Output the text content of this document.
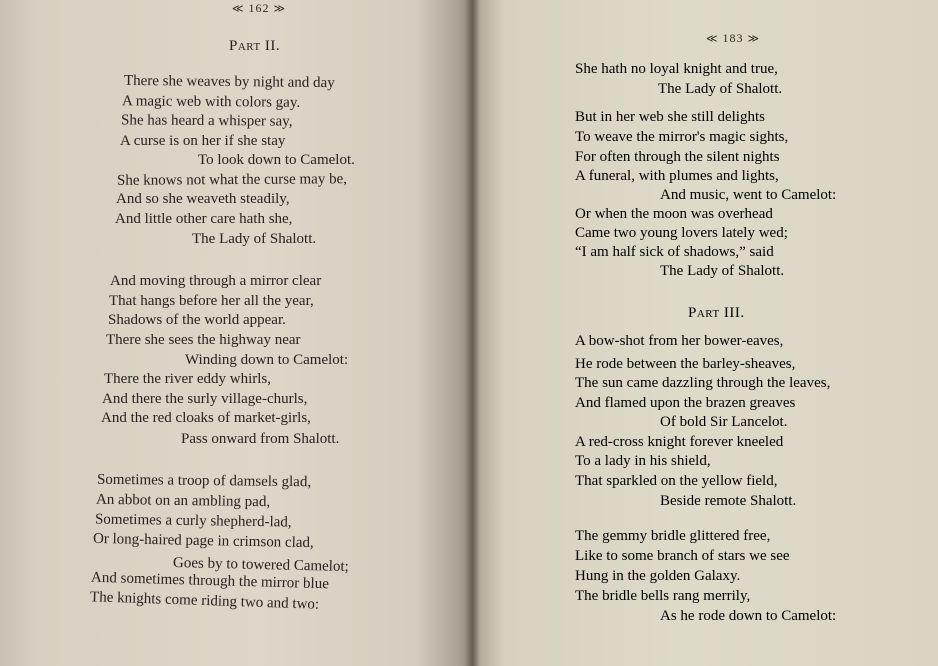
≪ 162 ≫
Part II.
There she weaves by night and day
A magic web with colors gay.
She has heard a whisper say,
A curse is on her if she stay
To look down to Camelot.
She knows not what the curse may be,
And so she weaveth steadily,
And little other care hath she,
The Lady of Shalott.
And moving through a mirror clear
That hangs before her all the year,
Shadows of the world appear.
There she sees the highway near
Winding down to Camelot:
There the river eddy whirls,
And there the surly village-churls,
And the red cloaks of market-girls,
Pass onward from Shalott.
Sometimes a troop of damsels glad,
An abbot on an ambling pad,
Sometimes a curly shepherd-lad,
Or long-haired page in crimson clad,
Goes by to towered Camelot;
And sometimes through the mirror blue
The knights come riding two and two:
≪ 183 ≫
She hath no loyal knight and true,
The Lady of Shalott.
But in her web she still delights
To weave the mirror's magic sights,
For often through the silent nights
A funeral, with plumes and lights,
And music, went to Camelot:
Or when the moon was overhead
Came two young lovers lately wed;
“I am half sick of shadows,” said
The Lady of Shalott.
Part III.
A bow-shot from her bower-eaves,
He rode between the barley-sheaves,
The sun came dazzling through the leaves,
And flamed upon the brazen greaves
Of bold Sir Lancelot.
A red-cross knight forever kneeled
To a lady in his shield,
That sparkled on the yellow field,
Beside remote Shalott.
The gemmy bridle glittered free,
Like to some branch of stars we see
Hung in the golden Galaxy.
The bridle bells rang merrily,
As he rode down to Camelot:
